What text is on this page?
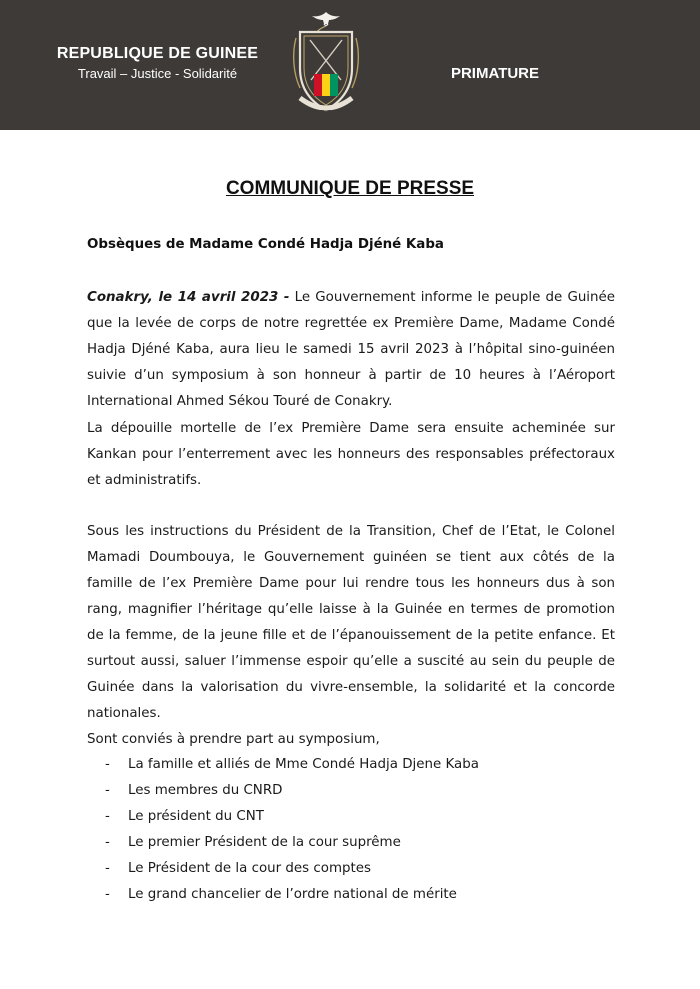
REPUBLIQUE DE GUINEE
Travail – Justice - Solidarité
TRAVAIL JUSTICE SOLIDARITE
PRIMATURE
COMMUNIQUE DE PRESSE
Obsèques de Madame Condé Hadja Djéné Kaba

Conakry, le 14 avril 2023 - Le Gouvernement informe le peuple de Guinée que la levée de corps de notre regrettée ex Première Dame, Madame Condé Hadja Djéné Kaba, aura lieu le samedi 15 avril 2023 à l’hôpital sino-guinéen suivie d’un symposium à son honneur à partir de 10 heures à l’Aéroport International Ahmed Sékou Touré de Conakry.

La dépouille mortelle de l’ex Première Dame sera ensuite acheminée sur Kankan pour l’enterrement avec les honneurs des responsables préfectoraux et administratifs.

Sous les instructions du Président de la Transition, Chef de l’Etat, le Colonel Mamadi Doumbouya, le Gouvernement guinéen se tient aux côtés de la famille de l’ex Première Dame pour lui rendre tous les honneurs dus à son rang, magnifier l’héritage qu’elle laisse à la Guinée en termes de promotion de la femme, de la jeune fille et de l’épanouissement de la petite enfance. Et surtout aussi, saluer l’immense espoir qu’elle a suscité au sein du peuple de Guinée dans la valorisation du vivre-ensemble, la solidarité et la concorde nationales.

Sont conviés à prendre part au symposium,

- La famille et alliés de Mme Condé Hadja Djene Kaba
- Les membres du CNRD
- Le président du CNT
- Le premier Président de la cour suprême
- Le Président de la cour des comptes
- Le grand chancelier de l’ordre national de mérite
